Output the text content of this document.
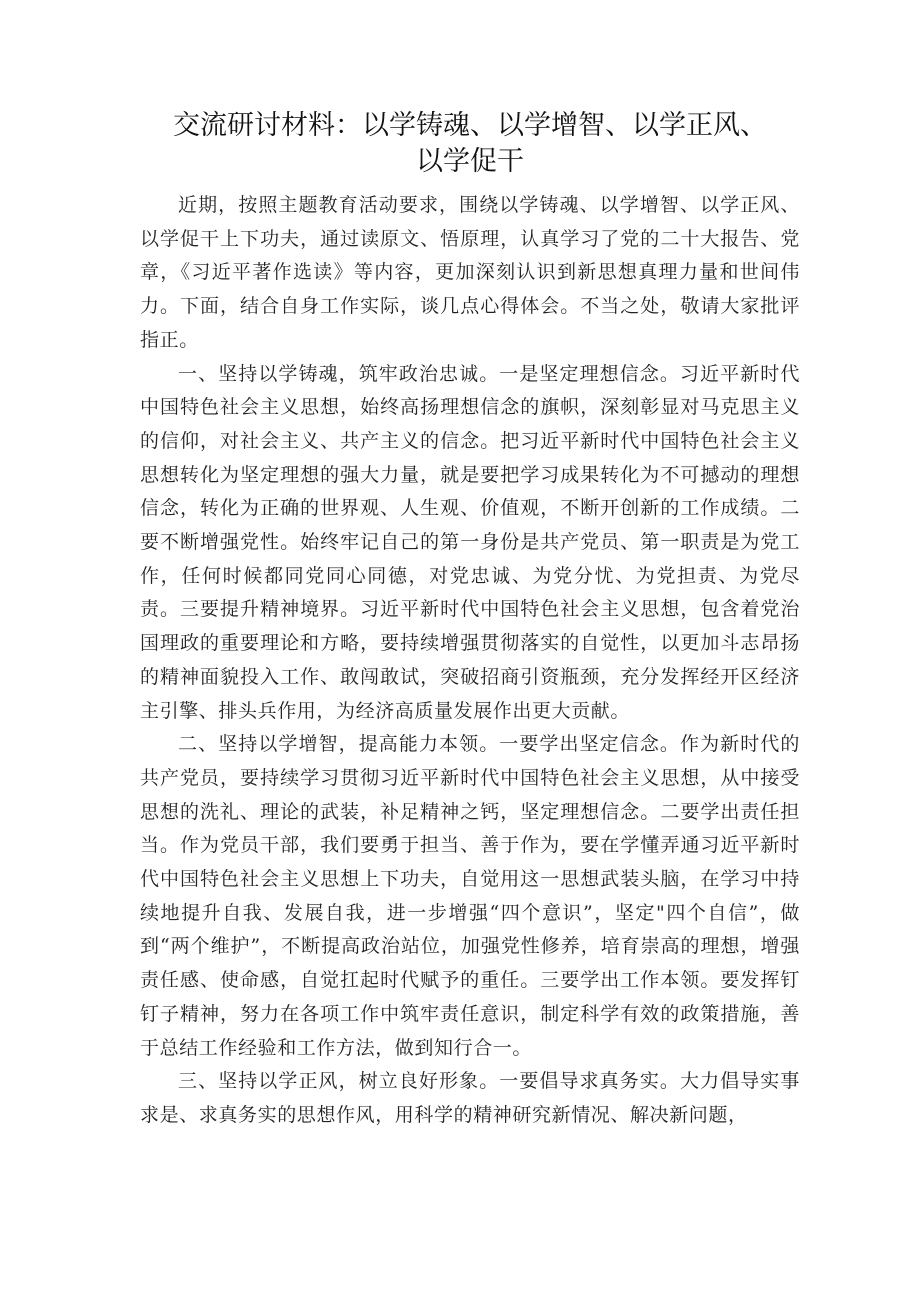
交流研讨材料：以学铸魂、以学增智、以学正风、以学促干

近期，按照主题教育活动要求，围绕以学铸魂、以学增智、以学正风、以学促干上下功夫，通过读原文、悟原理，认真学习了党的二十大报告、党章，《习近平著作选读》等内容，更加深刻认识到新思想真理力量和世间伟力。下面，结合自身工作实际，谈几点心得体会。不当之处，敬请大家批评指正。

一、坚持以学铸魂，筑牢政治忠诚。一是坚定理想信念。习近平新时代中国特色社会主义思想，始终高扬理想信念的旗帜，深刻彰显对马克思主义的信仰，对社会主义、共产主义的信念。把习近平新时代中国特色社会主义思想转化为坚定理想的强大力量，就是要把学习成果转化为不可撼动的理想信念，转化为正确的世界观、人生观、价值观，不断开创新的工作成绩。二要不断增强党性。始终牢记自己的第一身份是共产党员、第一职责是为党工作，任何时候都同党同心同德，对党忠诚、为党分忧、为党担责、为党尽责。三要提升精神境界。习近平新时代中国特色社会主义思想，包含着党治国理政的重要理论和方略，要持续增强贯彻落实的自觉性，以更加斗志昂扬的精神面貌投入工作、敢闯敢试，突破招商引资瓶颈，充分发挥经开区经济主引擎、排头兵作用，为经济高质量发展作出更大贡献。

二、坚持以学增智，提高能力本领。一要学出坚定信念。作为新时代的共产党员，要持续学习贯彻习近平新时代中国特色社会主义思想，从中接受思想的洗礼、理论的武装，补足精神之钙，坚定理想信念。二要学出责任担当。作为党员干部，我们要勇于担当、善于作为，要在学懂弄通习近平新时代中国特色社会主义思想上下功夫，自觉用这一思想武装头脑，在学习中持续地提升自我、发展自我，进一步增强“四个意识”，坚定"四个自信”，做到“两个维护”，不断提高政治站位，加强党性修养，培育崇高的理想，增强责任感、使命感，自觉扛起时代赋予的重任。三要学出工作本领。要发挥钉钉子精神，努力在各项工作中筑牢责任意识，制定科学有效的政策措施，善于总结工作经验和工作方法，做到知行合一。

三、坚持以学正风，树立良好形象。一要倡导求真务实。大力倡导实事求是、求真务实的思想作风，用科学的精神研究新情况、解决新问题，
